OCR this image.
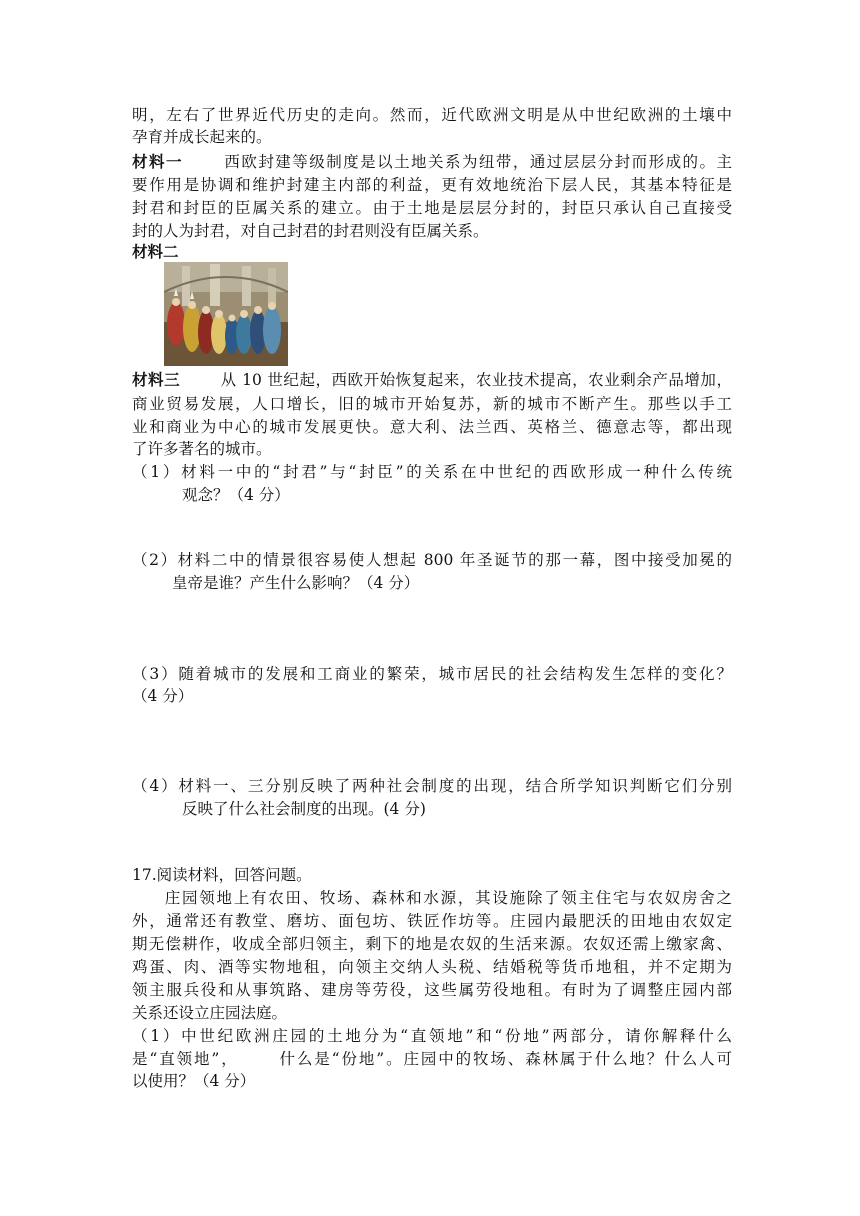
明，左右了世界近代历史的走向。然而，近代欧洲文明是从中世纪欧洲的土壤中
孕育并成长起来的。
材料一	西欧封建等级制度是以土地关系为纽带，通过层层分封而形成的。主
要作用是协调和维护封建主内部的利益，更有效地统治下层人民，其基本特征是
封君和封臣的臣属关系的建立。由于土地是层层分封的，封臣只承认自己直接受
封的人为封君，对自己封君的封君则没有臣属关系。
材料二
材料三	从 10 世纪起，西欧开始恢复起来，农业技术提高，农业剩余产品增加，
商业贸易发展，人口增长，旧的城市开始复苏，新的城市不断产生。那些以手工
业和商业为中心的城市发展更快。意大利、法兰西、英格兰、德意志等，都出现
了许多著名的城市。
（1）材料一中的“封君”与“封臣”的关系在中世纪的西欧形成一种什么传统
观念？（4 分）
（2）材料二中的情景很容易使人想起 800 年圣诞节的那一幕，图中接受加冕的
皇帝是谁？产生什么影响？（4 分）
（3）随着城市的发展和工商业的繁荣，城市居民的社会结构发生怎样的变化？
（4 分）
（4）材料一、三分别反映了两种社会制度的出现，结合所学知识判断它们分别
反映了什么社会制度的出现。(4 分)
17.阅读材料，回答问题。
庄园领地上有农田、牧场、森林和水源，其设施除了领主住宅与农奴房舍之
外，通常还有教堂、磨坊、面包坊、铁匠作坊等。庄园内最肥沃的田地由农奴定
期无偿耕作，收成全部归领主，剩下的地是农奴的生活来源。农奴还需上缴家禽、
鸡蛋、肉、酒等实物地租，向领主交纳人头税、结婚税等货币地租，并不定期为
领主服兵役和从事筑路、建房等劳役，这些属劳役地租。有时为了调整庄园内部
关系还设立庄园法庭。
（1）中世纪欧洲庄园的土地分为“直领地”和“份地”两部分，请你解释什么
是“直领地”，      什么是“份地”。庄园中的牧场、森林属于什么地？什么人可
以使用？（4 分）
